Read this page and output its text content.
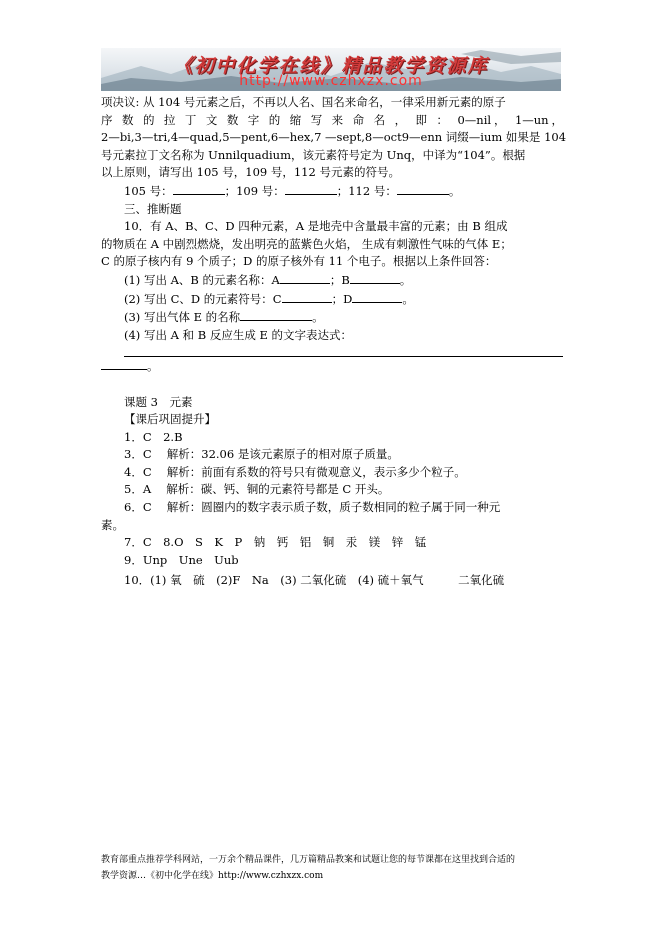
《初中化学在线》精品教学资源库
http://www.czhxzx.com
项决议: 从 104 号元素之后，不再以人名、国名来命名，一律采用新元素的原子
序 数 的 拉 丁 文 数 字 的 缩 写 来 命 名 ， 即 ： 0—nil， 1—un，
2—bi,3—tri,4—quad,5—pent,6—hex,7 —sept,8—oct9—enn 词缀—ium 如果是 104
号元素拉丁文名称为 Unnilquadium，该元素符号定为 Unq，中译为“104”。根据
以上原则，请写出 105 号，109 号，112 号元素的符号。
105 号：	；109 号：	；112 号：	。
三、推断题
10．有 A、B、C、D 四种元素，A 是地壳中含量最丰富的元素；由 B 组成
的物质在 A 中剧烈燃烧，发出明亮的蓝紫色火焰， 生成有刺激性气味的气体 E；
C 的原子核内有 9 个质子；D 的原子核外有 11 个电子。根据以上条件回答：
(1) 写出 A、B 的元素名称：A	；B	。
(2) 写出 C、D 的元素符号：C	；D	。
(3) 写出气体 E 的名称	。
(4) 写出 A 和 B 反应生成 E 的文字表达式：
。
课题 3　元素
【课后巩固提升】
1．C　2.B
3．C　 解析：32.06 是该元素原子的相对原子质量。
4．C　 解析：前面有系数的符号只有微观意义，表示多少个粒子。
5．A　 解析：碳、钙、铜的元素符号都是 C 开头。
6．C　 解析：圆圈内的数字表示质子数，质子数相同的粒子属于同一种元
素。
7．C　8.O　S　K　P　钠　钙　铝　铜　汞　镁　锌　锰
9．Unp　Une　Uub
10．(1) 氧　硫　(2)F　Na　(3) 二氧化硫　(4) 硫＋氧气　　　二氧化硫
教育部重点推荐学科网站，一万余个精品课件，几万篇精品教案和试题让您的每节课都在这里找到合适的
教学资源…《初中化学在线》http://www.czhxzx.com
